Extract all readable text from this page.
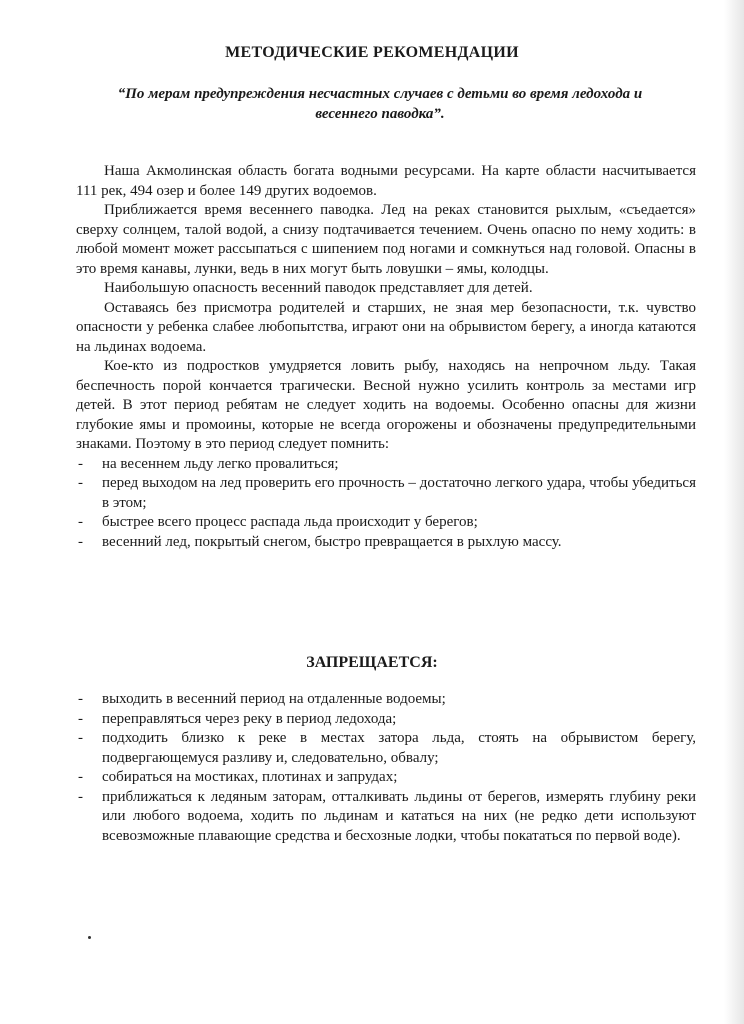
МЕТОДИЧЕСКИЕ РЕКОМЕНДАЦИИ

“По мерам предупреждения несчастных случаев с детьми во время ледохода и весеннего паводка”.

Наша Акмолинская область богата водными ресурсами. На карте области насчитывается 111 рек, 494 озер и более 149 других водоемов.

Приближается время весеннего паводка. Лед на реках становится рыхлым, «съедается» сверху солнцем, талой водой, а снизу подтачивается течением. Очень опасно по нему ходить: в любой момент может рассыпаться с шипением под ногами и сомкнуться над головой. Опасны в это время канавы, лунки, ведь в них могут быть ловушки – ямы, колодцы.

Наибольшую опасность весенний паводок представляет для детей.

Оставаясь без присмотра родителей и старших, не зная мер безопасности, т.к. чувство опасности у ребенка слабее любопытства, играют они на обрывистом берегу, а иногда катаются на льдинах водоема.

Кое-кто из подростков умудряется ловить рыбу, находясь на непрочном льду. Такая беспечность порой кончается трагически. Весной нужно усилить контроль за местами игр детей. В этот период ребятам не следует ходить на водоемы. Особенно опасны для жизни глубокие ямы и промоины, которые не всегда огорожены и обозначены предупредительными знаками. Поэтому в это период следует помнить:

- на весеннем льду легко провалиться;
- перед выходом на лед проверить его прочность – достаточно легкого удара, чтобы убедиться в этом;
- быстрее всего процесс распада льда происходит у берегов;
- весенний лед, покрытый снегом, быстро превращается в рыхлую массу.
ЗАПРЕЩАЕТСЯ:
- выходить в весенний период на отдаленные водоемы;
- переправляться через реку в период ледохода;
- подходить близко к реке в местах затора льда, стоять на обрывистом берегу, подвергающемуся разливу и, следовательно, обвалу;
- собираться на мостиках, плотинах и запрудах;
- приближаться к ледяным заторам, отталкивать льдины от берегов, измерять глубину реки или любого водоема, ходить по льдинам и кататься на них (не редко дети используют всевозможные плавающие средства и бесхозные лодки, чтобы покататься по первой воде).
